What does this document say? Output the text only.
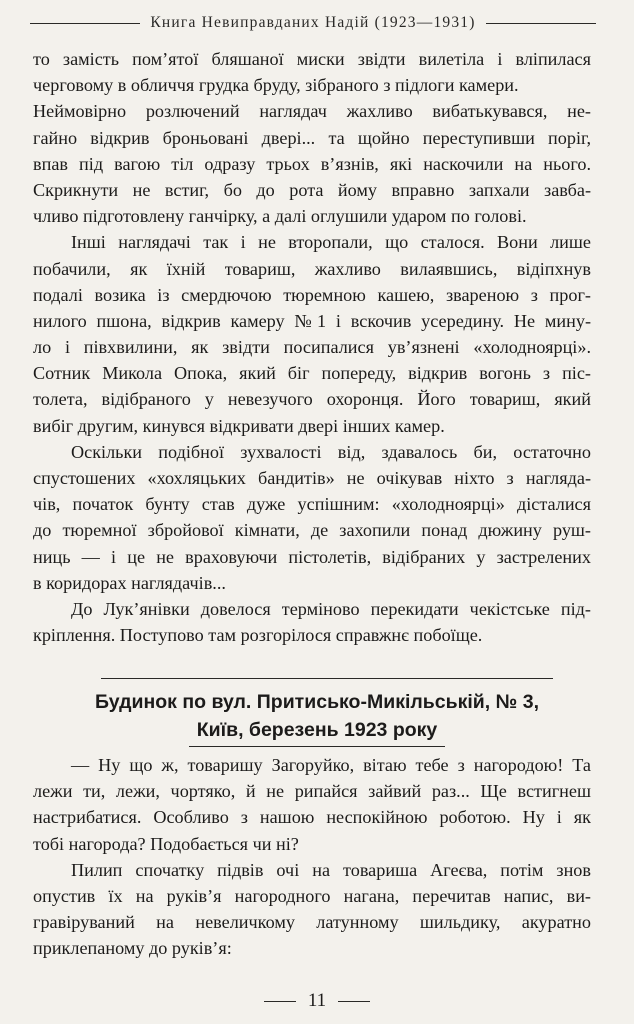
Книга Невиправданих Надій (1923—1931)
то замість пом’ятої бляшаної миски звідти вилетіла і вліпилася
черговому в обличчя грудка бруду, зібраного з підлоги камери.
Неймовірно розлючений наглядач жахливо вибатькувався, не-
гайно відкрив броньовані двері... та щойно переступивши поріг,
впав під вагою тіл одразу трьох в’язнів, які наскочили на нього.
Скрикнути не встиг, бо до рота йому вправно запхали завба-
чливо підготовлену ганчірку, а далі оглушили ударом по голові.
Інші наглядачі так і не второпали, що сталося. Вони лише
побачили, як їхній товариш, жахливо вилаявшись, відіпхнув
подалі возика із смердючою тюремною кашею, звареною з прог-
нилого пшона, відкрив камеру №1 і вскочив усередину. Не мину-
ло і півхвилини, як звідти посипалися ув’язнені «холодноярці».
Сотник Микола Опока, який біг попереду, відкрив вогонь з піс-
толета, відібраного у невезучого охоронця. Його товариш, який
вибіг другим, кинувся відкривати двері інших камер.
Оскільки подібної зухвалості від, здавалось би, остаточно
спустошених «хохляцьких бандитів» не очікував ніхто з наглядa-
чів, початок бунту став дуже успішним: «холодноярці» дісталися
до тюремної збройової кімнати, де захопили понад дюжину руш-
ниць — і це не враховуючи пістолетів, відібраних у застрелених
в коридорах наглядачів...
До Лук’янівки довелося терміново перекидати чекістське під-
кріплення. Поступово там розгорілося справжнє побоїще.
Будинок по вул. Притисько-Микільській, № 3,
Київ, березень 1923 року
— Ну що ж, товаришу Загоруйко, вітаю тебе з нагородою! Та
лежи ти, лежи, чортяко, й не рипайся зайвий раз... Ще встигнеш
настрибатися. Особливо з нашою неспокійною роботою. Ну і як
тобі нагорода? Подобається чи ні?
Пилип спочатку підвів очі на товариша Агеєва, потім знов
опустив їх на руків’я нагородного нагана, перечитав напис, ви-
гравіруваний на невеличкому латунному шильдику, акуратно
приклепаному до руків’я:
11
